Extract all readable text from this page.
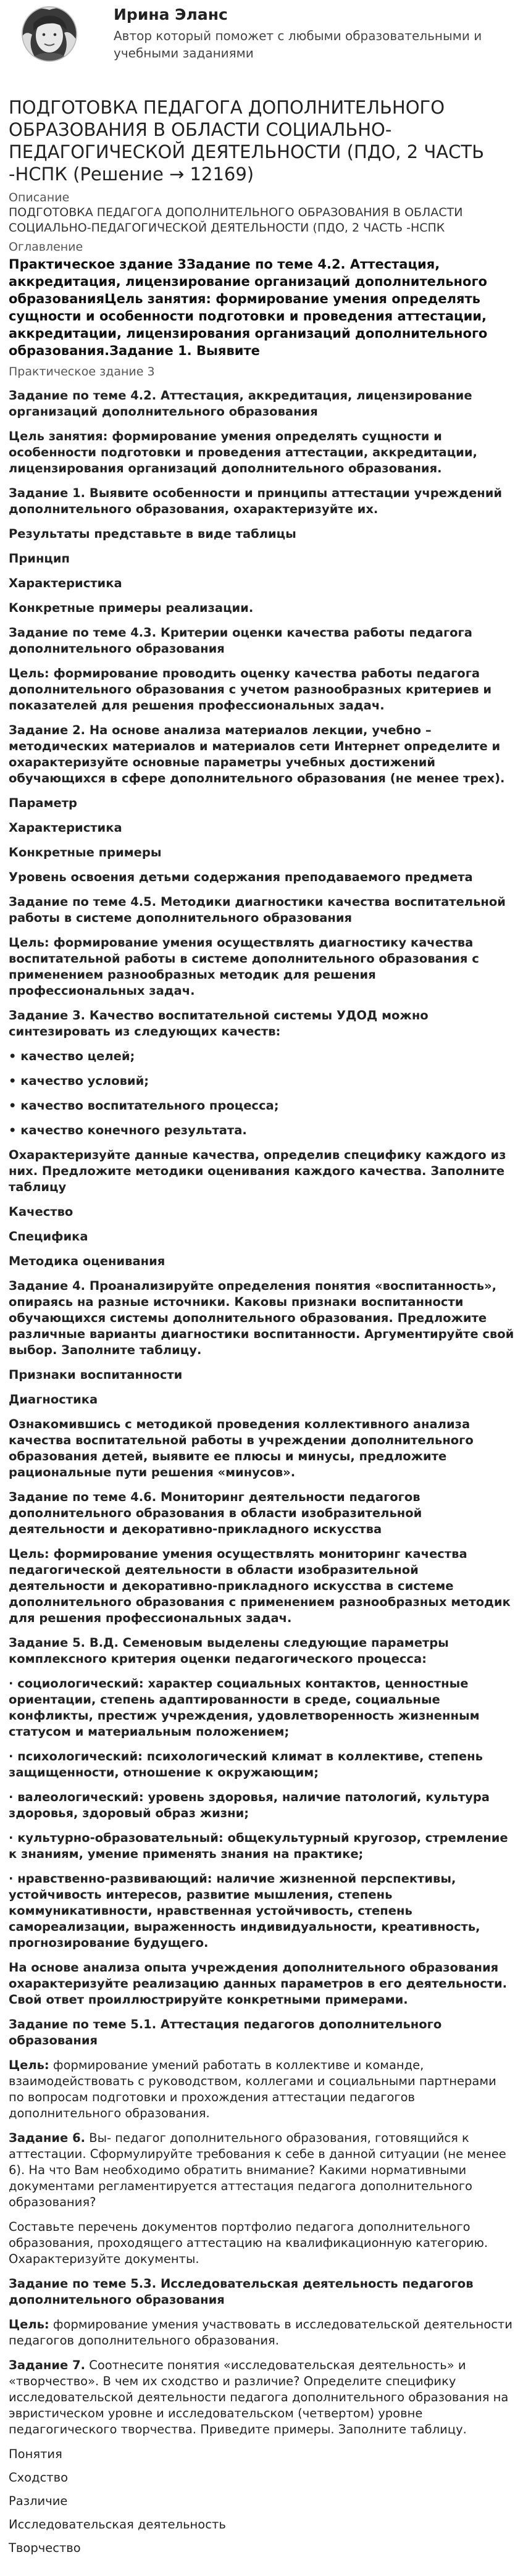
Ирина Эланс
Автор который поможет с любыми образовательными и учебными заданиями
ПОДГОТОВКА ПЕДАГОГА ДОПОЛНИТЕЛЬНОГО ОБРАЗОВАНИЯ В ОБЛАСТИ СОЦИАЛЬНО-ПЕДАГОГИЧЕСКОЙ ДЕЯТЕЛЬНОСТИ (ПДО, 2 ЧАСТЬ -НСПК (Решение → 12169)
Описание
ПОДГОТОВКА ПЕДАГОГА ДОПОЛНИТЕЛЬНОГО ОБРАЗОВАНИЯ В ОБЛАСТИ СОЦИАЛЬНО-ПЕДАГОГИЧЕСКОЙ ДЕЯТЕЛЬНОСТИ (ПДО, 2 ЧАСТЬ -НСПК
Оглавление
Практическое здание 3Задание по теме 4.2. Аттестация, аккредитация, лицензирование организаций дополнительного образованияЦель занятия: формирование умения определять сущности и особенности подготовки и проведения аттестации, аккредитации, лицензирования организаций дополнительного образования.Задание 1. Выявите
Практическое здание 3

Задание по теме 4.2. Аттестация, аккредитация, лицензирование организаций дополнительного образования

Цель занятия: формирование умения определять сущности и особенности подготовки и проведения аттестации, аккредитации, лицензирования организаций дополнительного образования.

Задание 1. Выявите особенности и принципы аттестации учреждений дополнительного образования, охарактеризуйте их.

Результаты представьте в виде таблицы

Принцип

Характеристика

Конкретные примеры реализации.

Задание по теме 4.3. Критерии оценки качества работы педагога дополнительного образования

Цель: формирование проводить оценку качества работы педагога дополнительного образования с учетом разнообразных критериев и показателей для решения профессиональных задач.

Задание 2. На основе анализа материалов лекции, учебно – методических материалов и материалов сети Интернет определите и охарактеризуйте основные параметры учебных достижений обучающихся в сфере дополнительного образования (не менее трех).

Параметр

Характеристика

Конкретные примеры

Уровень освоения детьми содержания преподаваемого предмета

Задание по теме 4.5. Методики диагностики качества воспитательной работы в системе дополнительного образования

Цель: формирование умения осуществлять диагностику качества воспитательной работы в системе дополнительного образования с применением разнообразных методик для решения профессиональных задач.

Задание 3. Качество воспитательной системы УДОД можно синтезировать из следующих качеств:

• качество целей;

• качество условий;

• качество воспитательного процесса;

• качество конечного результата.

Охарактеризуйте данные качества, определив специфику каждого из них. Предложите методики оценивания каждого качества. Заполните таблицу

Качество

Специфика

Методика оценивания

Задание 4. Проанализируйте определения понятия «воспитанность», опираясь на разные источники. Каковы признаки воспитанности обучающихся системы дополнительного образования. Предложите различные варианты диагностики воспитанности. Аргументируйте свой выбор. Заполните таблицу.

Признаки воспитанности

Диагностика

Ознакомившись с методикой проведения коллективного анализа качества воспитательной работы в учреждении дополнительного образования детей, выявите ее плюсы и минусы, предложите рациональные пути решения «минусов».

Задание по теме 4.6. Мониторинг деятельности педагогов дополнительного образования в области изобразительной деятельности и декоративно-прикладного искусства

Цель: формирование умения осуществлять мониторинг качества педагогической деятельности в области изобразительной деятельности и декоративно-прикладного искусства в системе дополнительного образования с применением разнообразных методик для решения профессиональных задач.

Задание 5. В.Д. Семеновым выделены следующие параметры комплексного критерия оценки педагогического процесса:

· социологический: характер социальных контактов, ценностные ориентации, степень адаптированности в среде, социальные конфликты, престиж учреждения, удовлетворенность жизненным статусом и материальным положением;

· психологический: психологический климат в коллективе, степень защищенности, отношение к окружающим;

· валеологический: уровень здоровья, наличие патологий, культура здоровья, здоровый образ жизни;

· культурно-образовательный: общекультурный кругозор, стремление к знаниям, умение применять знания на практике;

· нравственно-развивающий: наличие жизненной перспективы, устойчивость интересов, развитие мышления, степень коммуникативности, нравственная устойчивость, степень самореализации, выраженность индивидуальности, креативность, прогнозирование будущего.

На основе анализа опыта учреждения дополнительного образования охарактеризуйте реализацию данных параметров в его деятельности. Свой ответ проиллюстрируйте конкретными примерами.

Задание по теме 5.1. Аттестация педагогов дополнительного образования

Цель: формирование умений работать в коллективе и команде, взаимодействовать с руководством, коллегами и социальными партнерами по вопросам подготовки и прохождения аттестации педагогов дополнительного образования.

Задание 6. Вы- педагог дополнительного образования, готовящийся к аттестации. Сформулируйте требования к себе в данной ситуации (не менее 6). На что Вам необходимо обратить внимание? Какими нормативными документами регламентируется аттестация педагога дополнительного образования?

Составьте перечень документов портфолио педагога дополнительного образования, проходящего аттестацию на квалификационную категорию. Охарактеризуйте документы.

Задание по теме 5.3. Исследовательская деятельность педагогов дополнительного образования

Цель: формирование умения участвовать в исследовательской деятельности педагогов дополнительного образования.

Задание 7. Соотнесите понятия «исследовательская деятельность» и «творчество». В чем их сходство и различие? Определите специфику исследовательской деятельности педагога дополнительного образования на эвристическом уровне и исследовательском (четвертом) уровне педагогического творчества. Приведите примеры. Заполните таблицу.

Понятия
Сходство
Различие
Исследовательская деятельность
Творчество
